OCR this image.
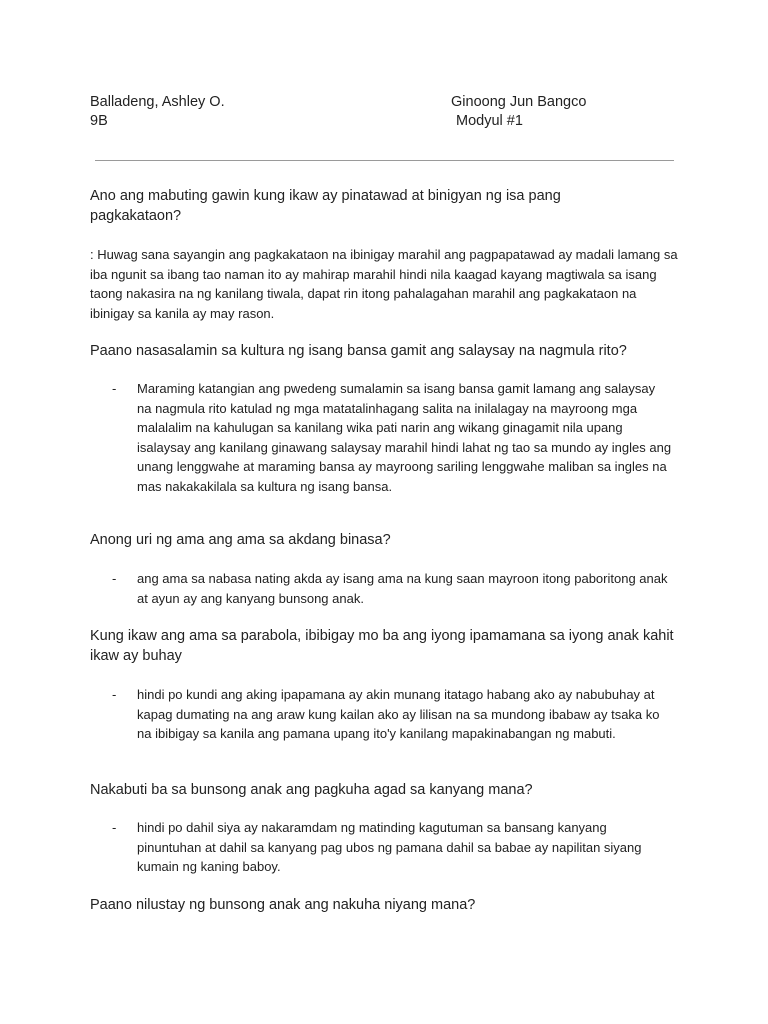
Balladeng, Ashley O.
9B
Ginoong Jun Bangco
Modyul #1
Ano ang mabuting gawin kung ikaw ay pinatawad at binigyan ng isa pang pagkakataon?
: Huwag sana sayangin ang pagkakataon na ibinigay marahil ang pagpapatawad ay madali lamang sa iba ngunit sa ibang tao naman ito ay mahirap marahil hindi nila kaagad kayang magtiwala sa isang taong nakasira na ng kanilang tiwala, dapat rin itong pahalagahan marahil ang pagkakataon na ibinigay sa kanila ay may rason.
Paano nasasalamin sa kultura ng isang bansa gamit ang salaysay na nagmula rito?
- Maraming katangian ang pwedeng sumalamin sa isang bansa gamit lamang ang salaysay na nagmula rito katulad ng mga matatalinhagang salita na inilalagay na mayroong mga malalalim na kahulugan sa kanilang wika pati narin ang wikang ginagamit nila upang isalaysay ang kanilang ginawang salaysay marahil hindi lahat ng tao sa mundo ay ingles ang unang lenggwahe at maraming bansa ay mayroong sariling lenggwahe maliban sa ingles na mas nakakakilala sa kultura ng isang bansa.
Anong uri ng ama ang ama sa akdang binasa?
- ang ama sa nabasa nating akda ay isang ama na kung saan mayroon itong paboritong anak at ayun ay ang kanyang bunsong anak.
Kung ikaw ang ama sa parabola, ibibigay mo ba ang iyong ipamamana sa iyong anak kahit ikaw ay buhay
- hindi po kundi ang aking ipapamana ay akin munang itatago habang ako ay nabubuhay at kapag dumating na ang araw kung kailan ako ay lilisan na sa mundong ibabaw ay tsaka ko na ibibigay sa kanila ang pamana upang ito'y kanilang mapakinabangan ng mabuti.
Nakabuti ba sa bunsong anak ang pagkuha agad sa kanyang mana?
- hindi po dahil siya ay nakaramdam ng matinding kagutuman sa bansang kanyang pinuntuhan at dahil sa kanyang pag ubos ng pamana dahil sa babae ay napilitan siyang kumain ng kaning baboy.
Paano nilustay ng bunsong anak ang nakuha niyang mana?
